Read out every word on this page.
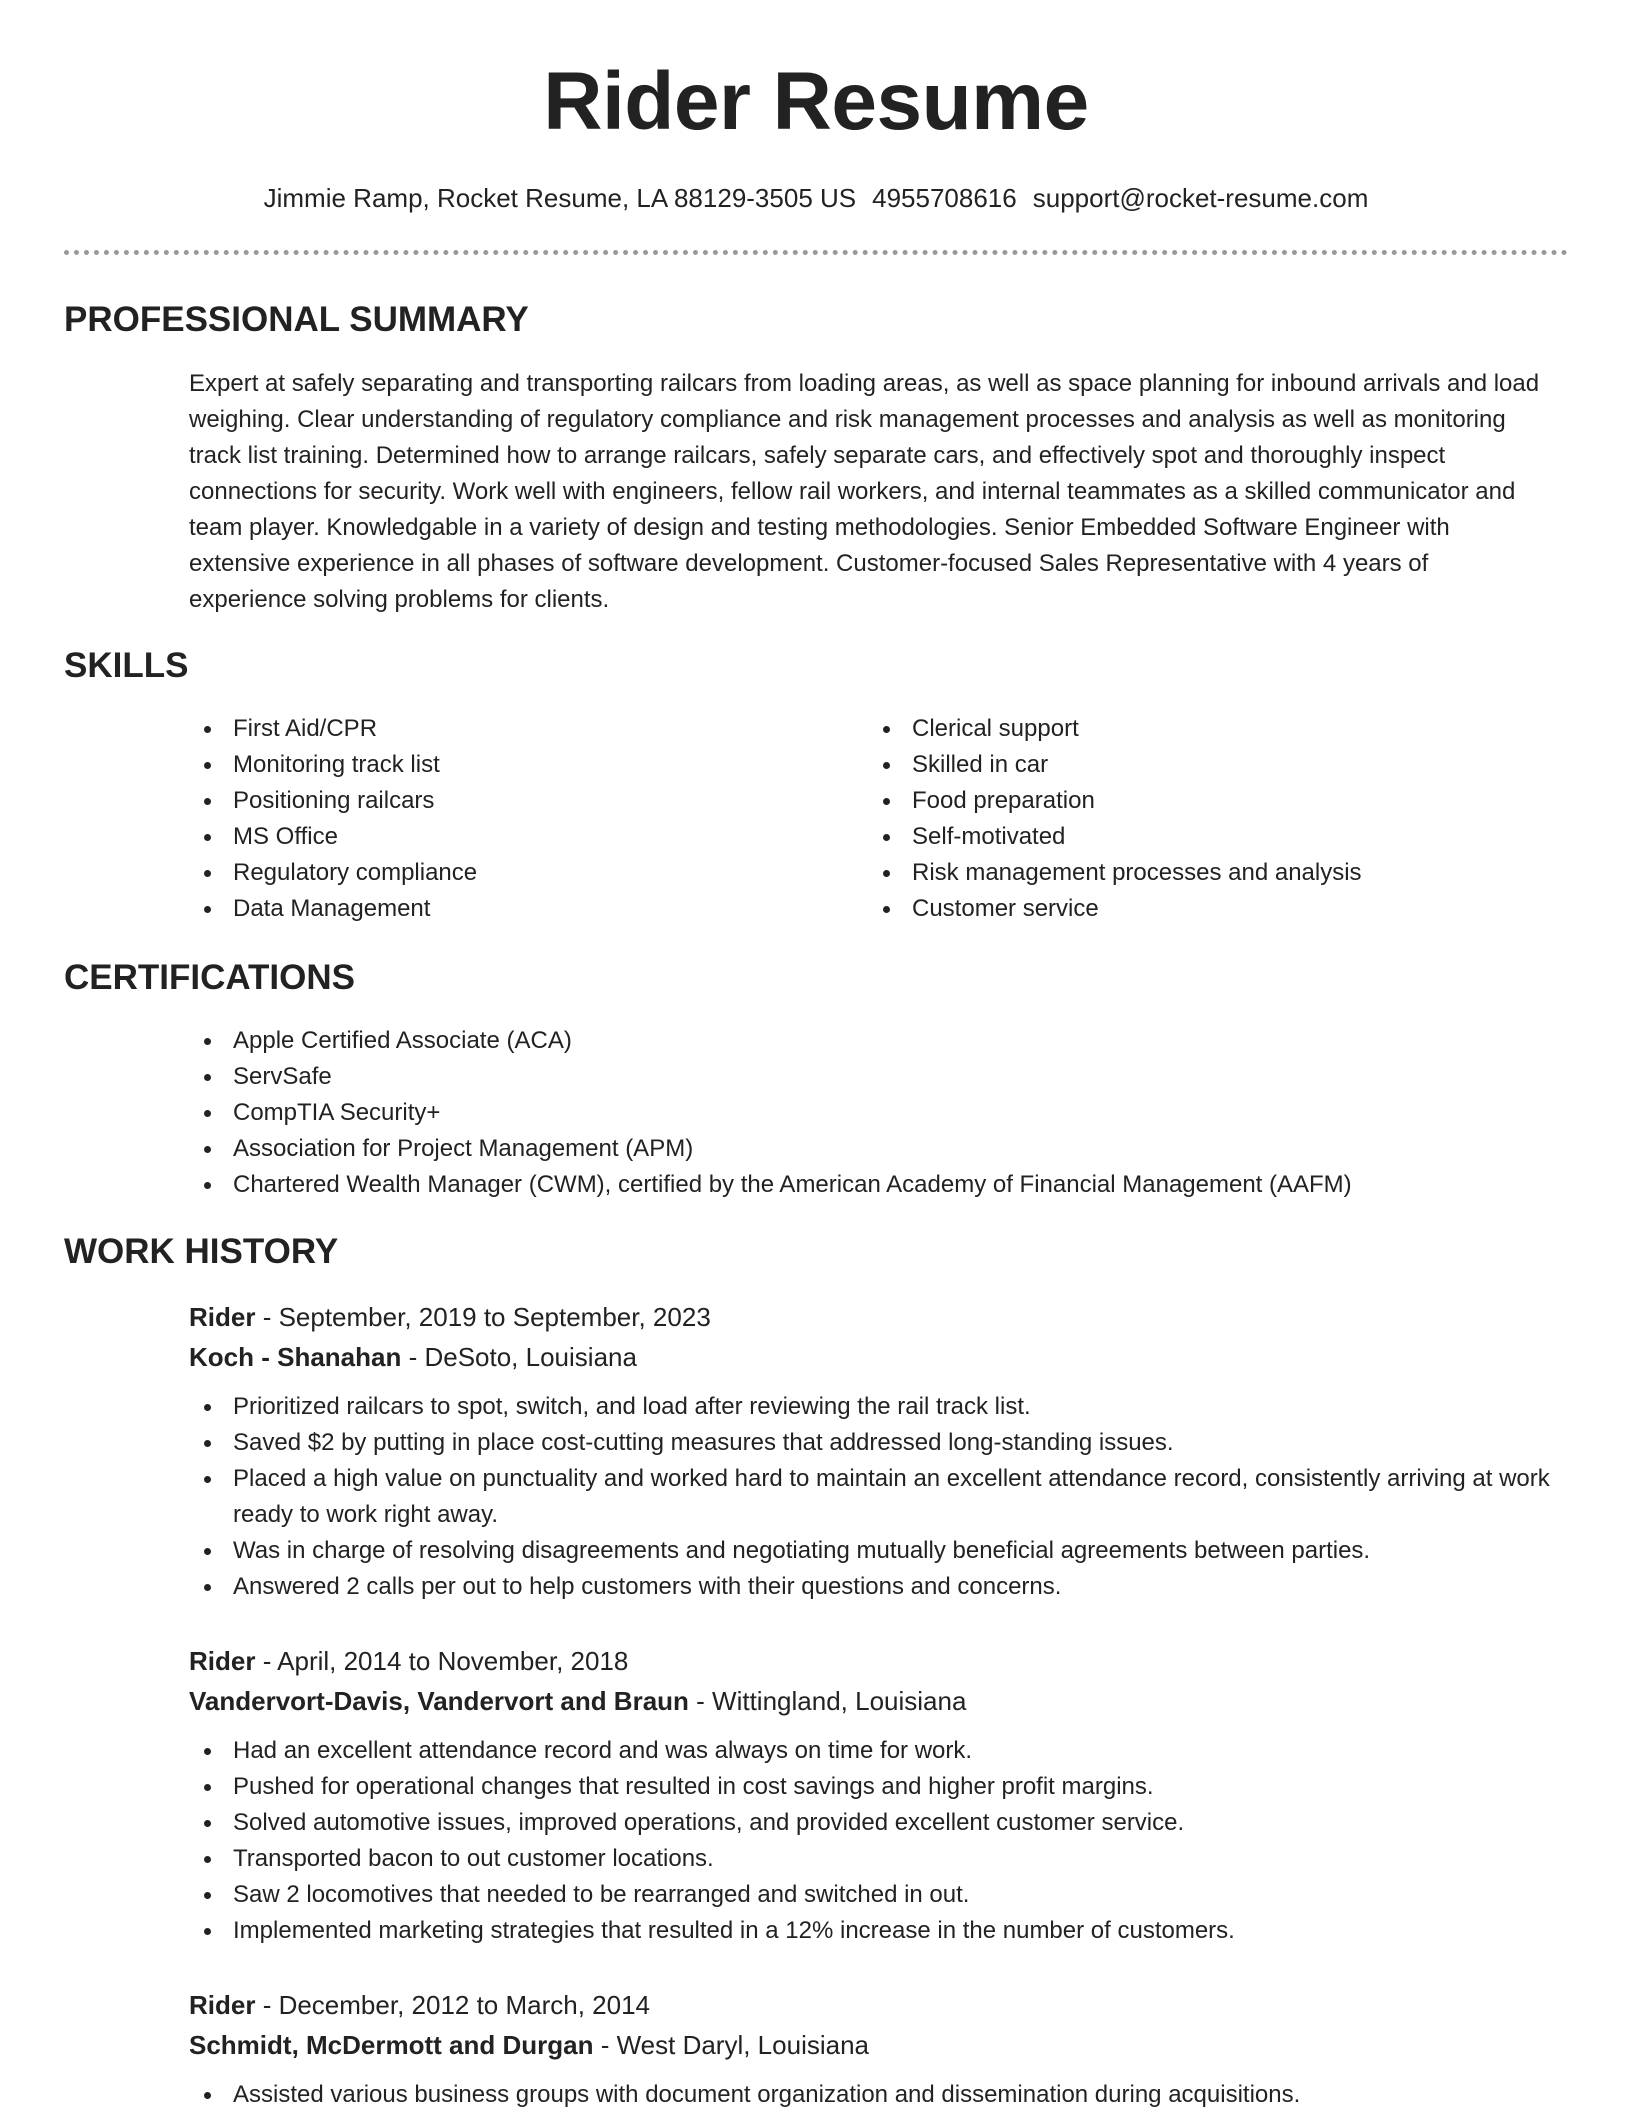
Rider Resume
Jimmie Ramp, Rocket Resume, LA 88129-3505 US 4955708616 support@rocket-resume.com
PROFESSIONAL SUMMARY

Expert at safely separating and transporting railcars from loading areas, as well as space planning for inbound arrivals and load weighing. Clear understanding of regulatory compliance and risk management processes and analysis as well as monitoring track list training. Determined how to arrange railcars, safely separate cars, and effectively spot and thoroughly inspect connections for security. Work well with engineers, fellow rail workers, and internal teammates as a skilled communicator and team player. Knowledgable in a variety of design and testing methodologies. Senior Embedded Software Engineer with extensive experience in all phases of software development. Customer-focused Sales Representative with 4 years of experience solving problems for clients.

SKILLS
First Aid/CPR
Monitoring track list
Positioning railcars
MS Office
Regulatory compliance
Data Management
Clerical support
Skilled in car
Food preparation
Self-motivated
Risk management processes and analysis
Customer service
CERTIFICATIONS
Apple Certified Associate (ACA)
ServSafe
CompTIA Security+
Association for Project Management (APM)
Chartered Wealth Manager (CWM), certified by the American Academy of Financial Management (AAFM)
WORK HISTORY
Rider - September, 2019 to September, 2023
Koch - Shanahan - DeSoto, Louisiana
Prioritized railcars to spot, switch, and load after reviewing the rail track list.
Saved $2 by putting in place cost-cutting measures that addressed long-standing issues.
Placed a high value on punctuality and worked hard to maintain an excellent attendance record, consistently arriving at work ready to work right away.
Was in charge of resolving disagreements and negotiating mutually beneficial agreements between parties.
Answered 2 calls per out to help customers with their questions and concerns.
Rider - April, 2014 to November, 2018
Vandervort-Davis, Vandervort and Braun - Wittingland, Louisiana
Had an excellent attendance record and was always on time for work.
Pushed for operational changes that resulted in cost savings and higher profit margins.
Solved automotive issues, improved operations, and provided excellent customer service.
Transported bacon to out customer locations.
Saw 2 locomotives that needed to be rearranged and switched in out.
Implemented marketing strategies that resulted in a 12% increase in the number of customers.
Rider - December, 2012 to March, 2014
Schmidt, McDermott and Durgan - West Daryl, Louisiana
Assisted various business groups with document organization and dissemination during acquisitions.
